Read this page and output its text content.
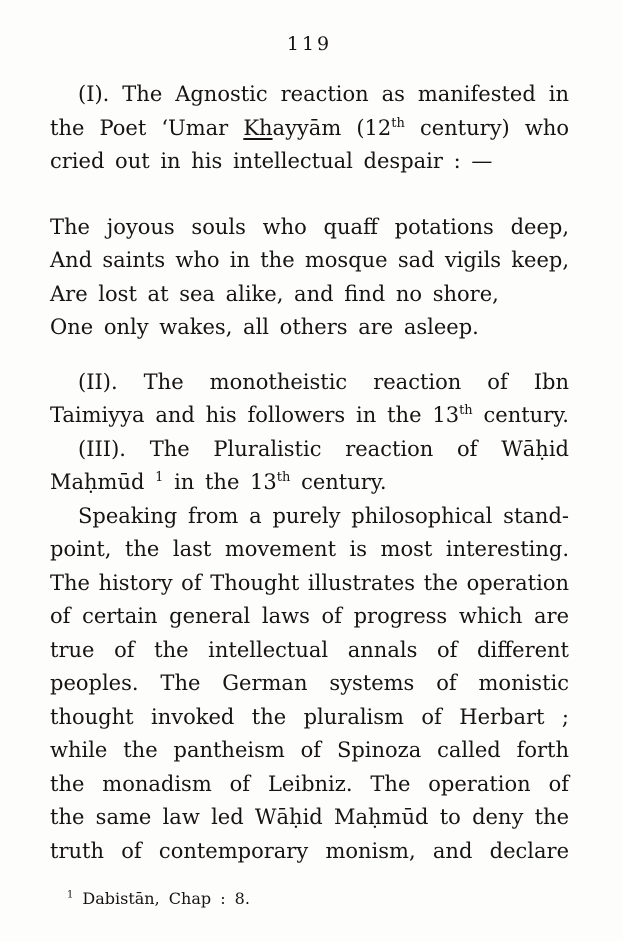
119
(I). The Agnostic reaction as manifested in
the Poet ‘Umar Khayyām (12th century) who
cried out in his intellectual despair : —
The joyous souls who quaff potations deep,
And saints who in the mosque sad vigils keep,
Are lost at sea alike, and find no shore,
One only wakes, all others are asleep.
(II). The monotheistic reaction of Ibn
Taimiyya and his followers in the 13th century.
(III). The Pluralistic reaction of Wāḥid
Maḥmūd $^1$ in the 13th century.
Speaking from a purely philosophical stand-
point, the last movement is most interesting.
The history of Thought illustrates the operation
of certain general laws of progress which are
true of the intellectual annals of different
peoples. The German systems of monistic
thought invoked the pluralism of Herbart ;
while the pantheism of Spinoza called forth
the monadism of Leibniz. The operation of
the same law led Wāḥid Maḥmūd to deny the
truth of contemporary monism, and declare
$^1$ Dabistān, Chap : 8.
